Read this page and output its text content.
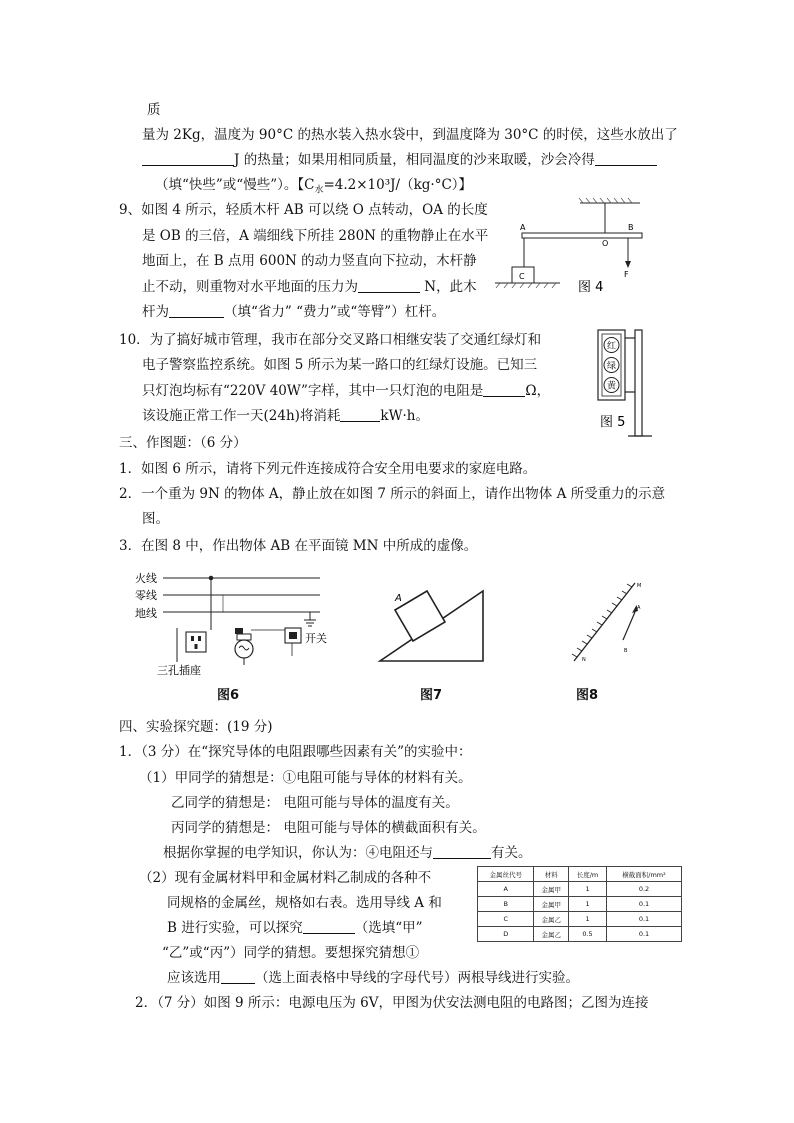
质
量为 2Kg，温度为 90°C 的热水装入热水袋中，到温度降为 30°C 的时侯，这些水放出了
J 的热量；如果用相同质量，相同温度的沙来取暖，沙会冷得
（填“快些”或“慢些”）。【$C_水=4.2\times 10^3J/(kg\cdot^\circ C)$】
9、如图 4 所示，轻质木杆 AB 可以绕 O 点转动，OA 的长度
是 OB 的三倍，A 端细线下所挂 280N 的重物静止在水平
地面上，在 B 点用 600N 的动力竖直向下拉动，木杆静
止不动，则重物对水平地面的压力为	N，此木
杆为	（填“省力” “费力”或“等臂”）杠杆。
A
O
B
C	F
图 4
10．为了搞好城市管理，我市在部分交叉路口相继安装了交通红绿灯和
电子警察监控系统。如图 5 所示为某一路口的红绿灯设施。已知三
只灯泡均标有“220V 40W”字样，其中一只灯泡的电阻是	Ω，
该设施正常工作一天(24h)将消耗	kW·h。
红
绿
黄
图 5
三、作图题：（6 分）
1．如图 6 所示，请将下列元件连接成符合安全用电要求的家庭电路。
2．一个重为 9N 的物体 A，静止放在如图 7 所示的斜面上，请作出物体 A 所受重力的示意
图。
3．在图 8 中，作出物体 AB 在平面镜 MN 中所成的虚像。
火线
零线
地线
三孔插座
开关
图6
A
图7
M
N
A
B
图8
四、实验探究题：(19 分)
1．（3 分）在“探究导体的电阻跟哪些因素有关”的实验中：
（1）甲同学的猜想是：①电阻可能与导体的材料有关。
乙同学的猜想是： 电阻可能与导体的温度有关。
丙同学的猜想是： 电阻可能与导体的横截面积有关。
根据你掌握的电学知识，你认为：④电阻还与	有关。
（2）现有金属材料甲和金属材料乙制成的各种不
同规格的金属丝，规格如右表。选用导线 A 和
B 进行实验，可以探究	（选填“甲”
“乙”或“丙”）同学的猜想。要想探究猜想①
应该选用	（选上面表格中导线的字母代号）两根导线进行实验。
2．（7 分）如图 9 所示：电源电压为 6V，甲图为伏安法测电阻的电路图；乙图为连接
金属丝代号	材料	长度/m	横截面积/mm²
A	金属甲	1	0.2
B	金属甲	1	0.1
C	金属乙	1	0.1
D	金属乙	0.5	0.1
